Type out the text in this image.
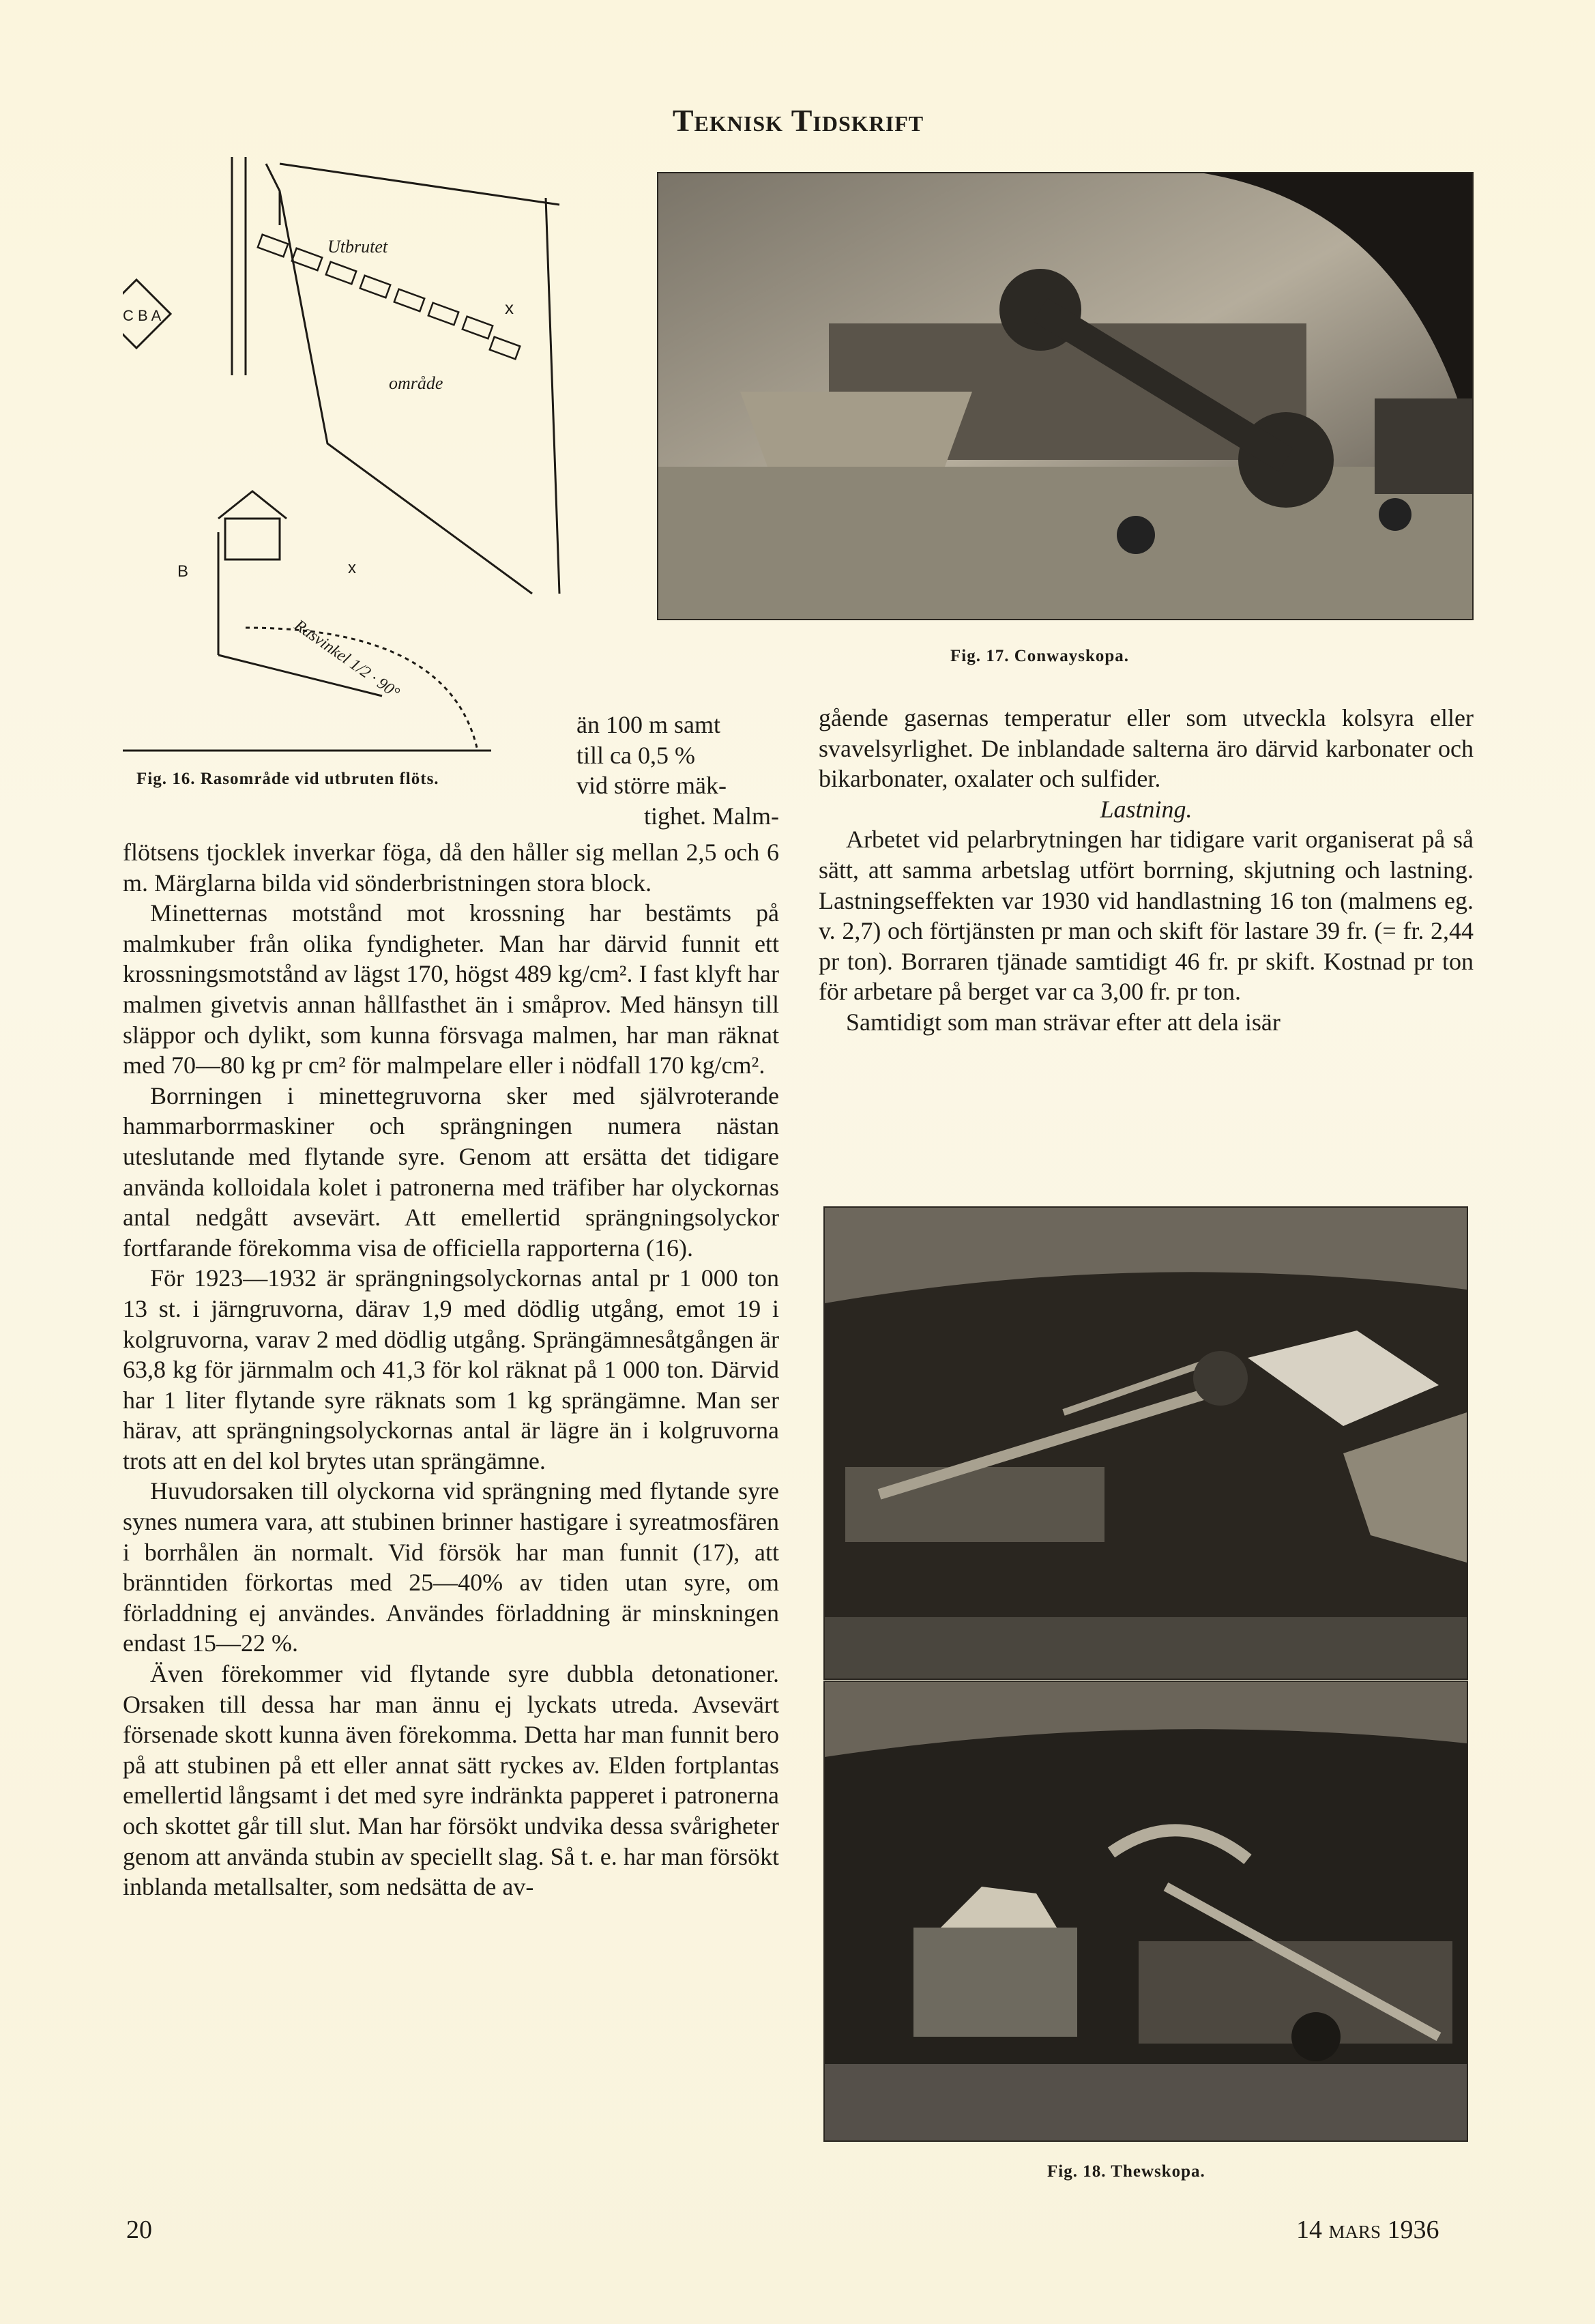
Teknisk Tidskrift
Utbrutet
område
x
x
B
Rasvinkel 1/2 · 90°
C B A
Fig. 16. Rasområde vid utbruten flöts.
Fig. 17. Conwayskopa.
Fig. 18. Thewskopa.
än 100 m samt
till ca 0,5 %
vid större mäk-
tighet. Malm-

flötsens tjocklek inverkar föga, då den håller sig mellan 2,5 och 6 m. Märglarna bilda vid sönderbristningen stora block.

Minetternas motstånd mot krossning har bestämts på malmkuber från olika fyndigheter. Man har därvid funnit ett krossningsmotstånd av lägst 170, högst 489 kg/cm². I fast klyft har malmen givetvis annan hållfasthet än i småprov. Med hänsyn till släppor och dylikt, som kunna försvaga malmen, har man räknat med 70—80 kg pr cm² för malmpelare eller i nödfall 170 kg/cm².

Borrningen i minettegruvorna sker med självroterande hammarborrmaskiner och sprängningen numera nästan uteslutande med flytande syre. Genom att ersätta det tidigare använda kolloidala kolet i patronerna med träfiber har olyckornas antal nedgått avsevärt. Att emellertid sprängningsolyckor fortfarande förekomma visa de officiella rapporterna (16).

För 1923—1932 är sprängningsolyckornas antal pr 1 000 ton 13 st. i järngruvorna, därav 1,9 med dödlig utgång, emot 19 i kolgruvorna, varav 2 med dödlig utgång. Sprängämnesåtgången är 63,8 kg för järnmalm och 41,3 för kol räknat på 1 000 ton. Därvid har 1 liter flytande syre räknats som 1 kg sprängämne. Man ser härav, att sprängningsolyckornas antal är lägre än i kolgruvorna trots att en del kol brytes utan sprängämne.

Huvudorsaken till olyckorna vid sprängning med flytande syre synes numera vara, att stubinen brinner hastigare i syreatmosfären i borrhålen än normalt. Vid försök har man funnit (17), att bränntiden förkortas med 25—40% av tiden utan syre, om förladdning ej användes. Användes förladdning är minskningen endast 15—22 %.

Även förekommer vid flytande syre dubbla detonationer. Orsaken till dessa har man ännu ej lyckats utreda. Avsevärt försenade skott kunna även förekomma. Detta har man funnit bero på att stubinen på ett eller annat sätt ryckes av. Elden fortplantas emellertid långsamt i det med syre indränkta papperet i patronerna och skottet går till slut. Man har försökt undvika dessa svårigheter genom att använda stubin av speciellt slag. Så t. e. har man försökt inblanda metallsalter, som nedsätta de av-

gående gasernas temperatur eller som utveckla kolsyra eller svavelsyrlighet. De inblandade salterna äro därvid karbonater och bikarbonater, oxalater och sulfider.

Lastning.

Arbetet vid pelarbrytningen har tidigare varit organiserat på så sätt, att samma arbetslag utfört borrning, skjutning och lastning. Lastningseffekten var 1930 vid handlastning 16 ton (malmens eg. v. 2,7) och förtjänsten pr man och skift för lastare 39 fr. (= fr. 2,44 pr ton). Borraren tjänade samtidigt 46 fr. pr skift. Kostnad pr ton för arbetare på berget var ca 3,00 fr. pr ton.

Samtidigt som man strävar efter att dela isär

20	14 mars 1936
